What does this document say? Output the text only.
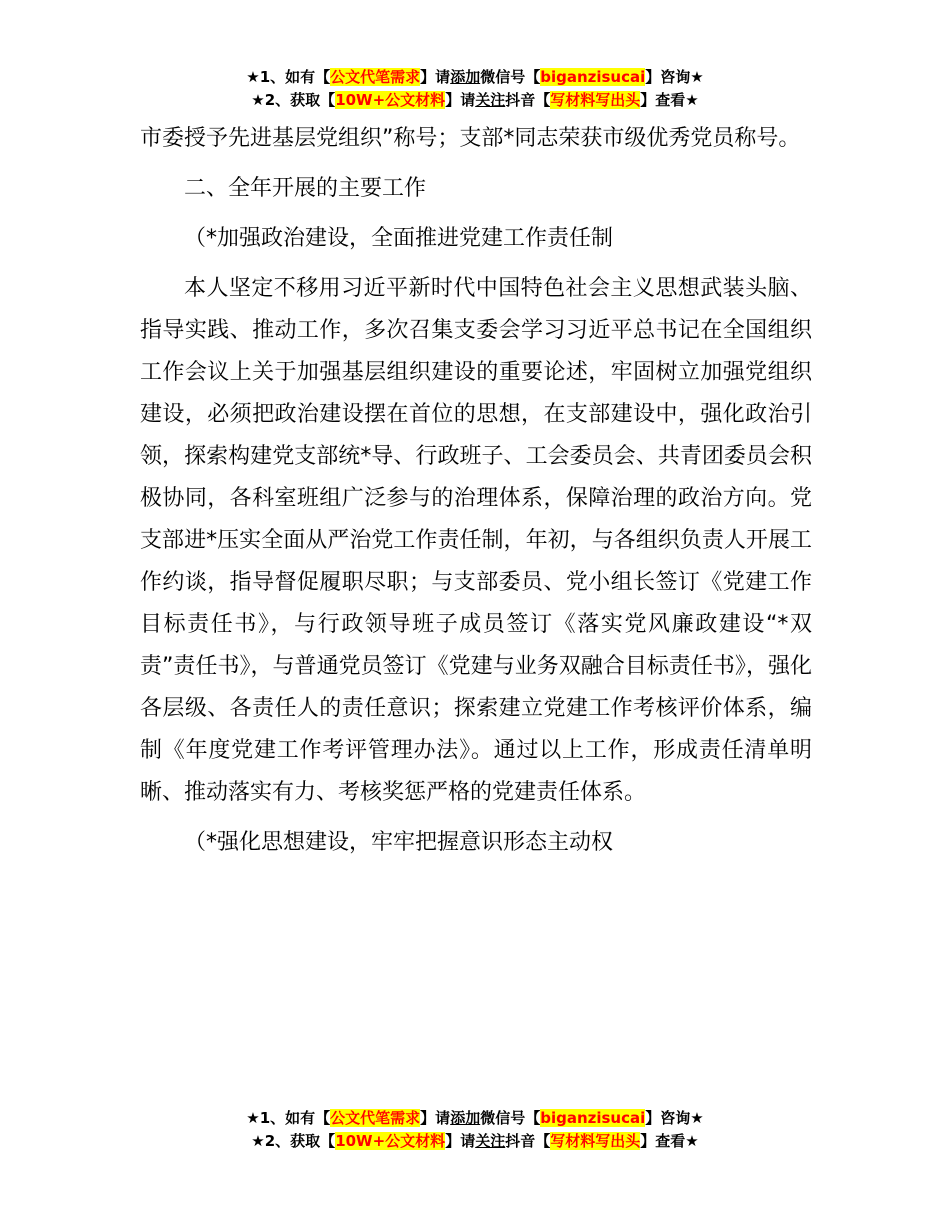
★1、如有【公文代笔需求】请添加微信号【biganzisucai】咨询★
★2、获取【10W+公文材料】请关注抖音【写材料写出头】查看★

市委授予先进基层党组织”称号；支部*同志荣获市级优秀党员称号。

二、全年开展的主要工作

（*加强政治建设，全面推进党建工作责任制

本人坚定不移用习近平新时代中国特色社会主义思想武装头脑、指导实践、推动工作，多次召集支委会学习习近平总书记在全国组织工作会议上关于加强基层组织建设的重要论述，牢固树立加强党组织建设，必须把政治建设摆在首位的思想，在支部建设中，强化政治引领，探索构建党支部统*导、行政班子、工会委员会、共青团委员会积极协同，各科室班组广泛参与的治理体系，保障治理的政治方向。党支部进*压实全面从严治党工作责任制，年初，与各组织负责人开展工作约谈，指导督促履职尽职；与支部委员、党小组长签订《党建工作目标责任书》，与行政领导班子成员签订《落实党风廉政建设“*双责”责任书》，与普通党员签订《党建与业务双融合目标责任书》，强化各层级、各责任人的责任意识；探索建立党建工作考核评价体系，编制《年度党建工作考评管理办法》。通过以上工作，形成责任清单明晰、推动落实有力、考核奖惩严格的党建责任体系。

（*强化思想建设，牢牢把握意识形态主动权

★1、如有【公文代笔需求】请添加微信号【biganzisucai】咨询★
★2、获取【10W+公文材料】请关注抖音【写材料写出头】查看★
